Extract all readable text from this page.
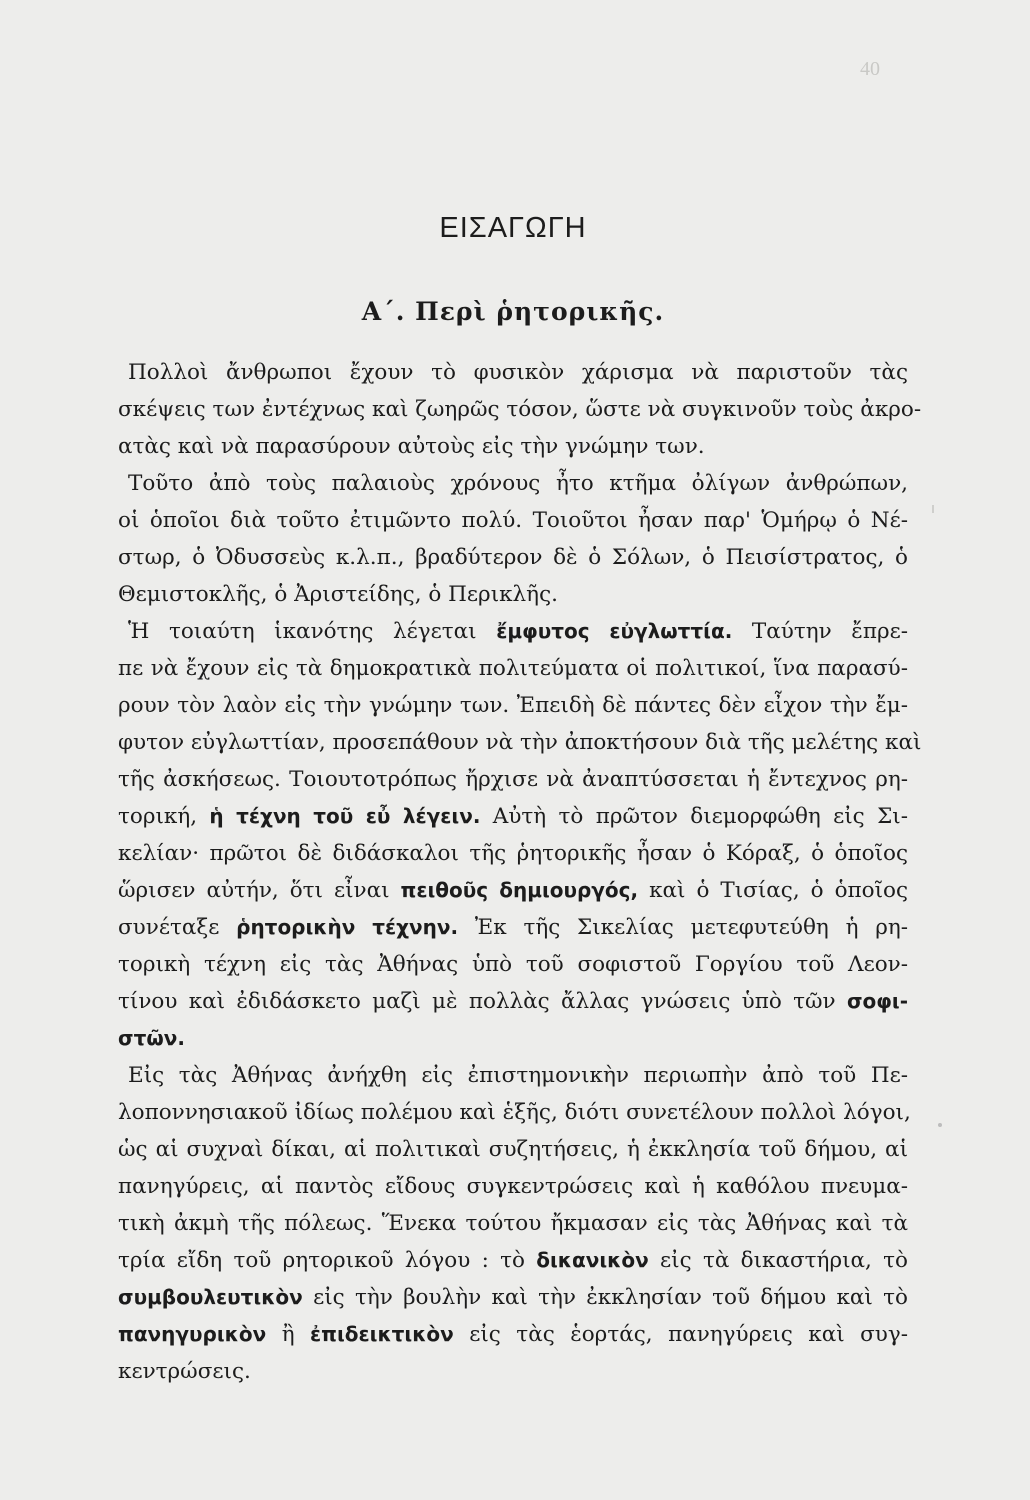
40

ΕΙΣΑΓΩΓΗ
Α΄. Περὶ ῥητορικῆς.
Πολλοὶ ἄνθρωποι ἔχουν τὸ φυσικὸν χάρισμα νὰ παριστοῦν τὰς
σκέψεις των ἐντέχνως καὶ ζωηρῶς τόσον, ὥστε νὰ συγκινοῦν τοὺς ἀκρο-
ατὰς καὶ νὰ παρασύρουν αὐτοὺς εἰς τὴν γνώμην των.
Τοῦτο ἀπὸ τοὺς παλαιοὺς χρόνους ἦτο κτῆμα ὀλίγων ἀνθρώπων,
οἱ ὁποῖοι διὰ τοῦτο ἐτιμῶντο πολύ. Τοιοῦτοι ἦσαν παρ' Ὁμήρῳ ὁ Νέ-
στωρ, ὁ Ὀδυσσεὺς κ.λ.π., βραδύτερον δὲ ὁ Σόλων, ὁ Πεισίστρατος, ὁ
Θεμιστοκλῆς, ὁ Ἀριστείδης, ὁ Περικλῆς.
Ἡ τοιαύτη ἱκανότης λέγεται ἔμφυτος εὐγλωττία. Ταύτην ἔπρε-
πε νὰ ἔχουν εἰς τὰ δημοκρατικὰ πολιτεύματα οἱ πολιτικοί, ἵνα παρασύ-
ρουν τὸν λαὸν εἰς τὴν γνώμην των. Ἐπειδὴ δὲ πάντες δὲν εἶχον τὴν ἔμ-
φυτον εὐγλωττίαν, προσεπάθουν νὰ τὴν ἀποκτήσουν διὰ τῆς μελέτης καὶ
τῆς ἀσκήσεως. Τοιουτοτρόπως ἤρχισε νὰ ἀναπτύσσεται ἡ ἔντεχνος ρη-
τορική, ἡ τέχνη τοῦ εὖ λέγειν. Αὐτὴ τὸ πρῶτον διεμορφώθη εἰς Σι-
κελίαν· πρῶτοι δὲ διδάσκαλοι τῆς ῥητορικῆς ἦσαν ὁ Κόραξ, ὁ ὁποῖος
ὥρισεν αὐτήν, ὅτι εἶναι πειθοῦς δημιουργός, καὶ ὁ Τισίας, ὁ ὁποῖος
συνέταξε ῥητορικὴν τέχνην. Ἐκ τῆς Σικελίας μετεφυτεύθη ἡ ρη-
τορικὴ τέχνη εἰς τὰς Ἀθήνας ὑπὸ τοῦ σοφιστοῦ Γοργίου τοῦ Λεον-
τίνου καὶ ἐδιδάσκετο μαζὶ μὲ πολλὰς ἄλλας γνώσεις ὑπὸ τῶν σοφι-
στῶν.
Εἰς τὰς Ἀθήνας ἀνήχθη εἰς ἐπιστημονικὴν περιωπὴν ἀπὸ τοῦ Πε-
λοποννησιακοῦ ἰδίως πολέμου καὶ ἑξῆς, διότι συνετέλουν πολλοὶ λόγοι,
ὡς αἱ συχναὶ δίκαι, αἱ πολιτικαὶ συζητήσεις, ἡ ἐκκλησία τοῦ δήμου, αἱ
πανηγύρεις, αἱ παντὸς εἴδους συγκεντρώσεις καὶ ἡ καθόλου πνευμα-
τικὴ ἀκμὴ τῆς πόλεως. Ἕνεκα τούτου ἤκμασαν εἰς τὰς Ἀθήνας καὶ τὰ
τρία εἴδη τοῦ ρητορικοῦ λόγου : τὸ δικανικὸν εἰς τὰ δικαστήρια, τὸ
συμβουλευτικὸν εἰς τὴν βουλὴν καὶ τὴν ἐκκλησίαν τοῦ δήμου καὶ τὸ
πανηγυρικὸν ἢ ἐπιδεικτικὸν εἰς τὰς ἑορτάς, πανηγύρεις καὶ συγ-
κεντρώσεις.
